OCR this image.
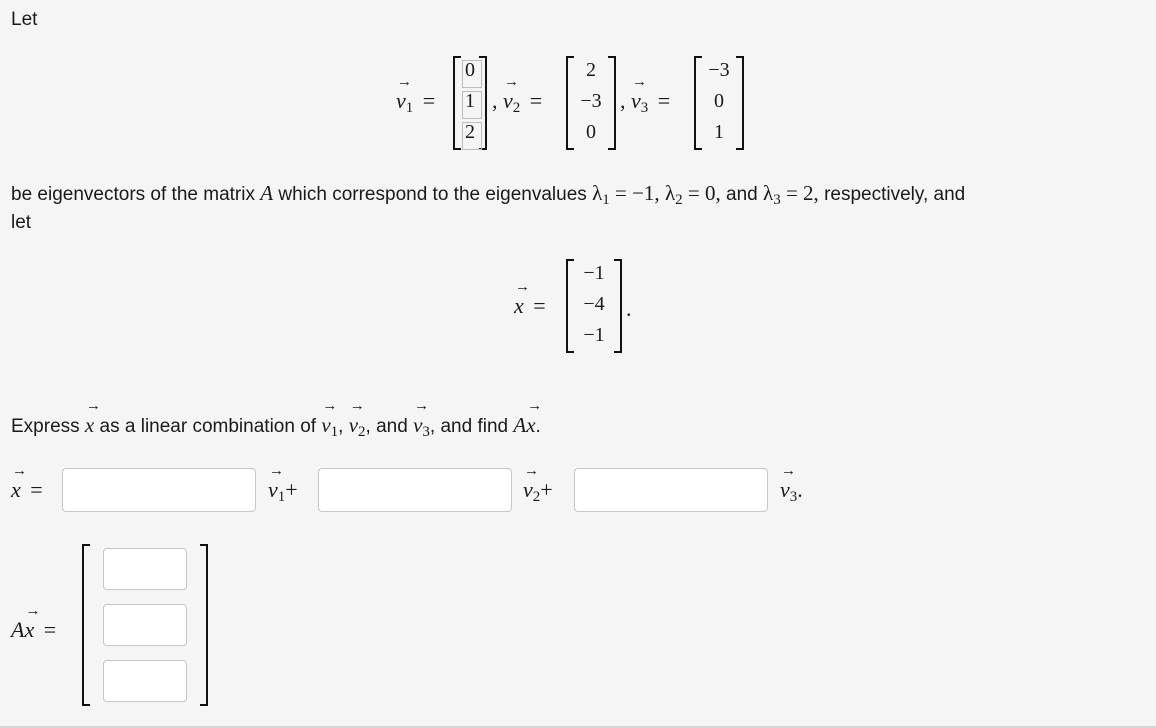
Let
→
$v_1$ =
0
1
2
,
→
$v_2$ =
2
−3
0
,
→
$v_3$ =
−3
0
1
be eigenvectors of the matrix A which correspond to the eigenvalues $\lambda_1 = -1$, $\lambda_2 = 0$, and $\lambda_3 = 2$, respectively, and
let
→
x =
−1
−4
−1
.
Express
→
x as a linear combination of
→
$v_1$,
→
$v_2$, and
→
$v_3$, and find A
→
x.
→
x =
→
$v_1+$
→
$v_2+$
→
$v_3$.
A
→
x =
